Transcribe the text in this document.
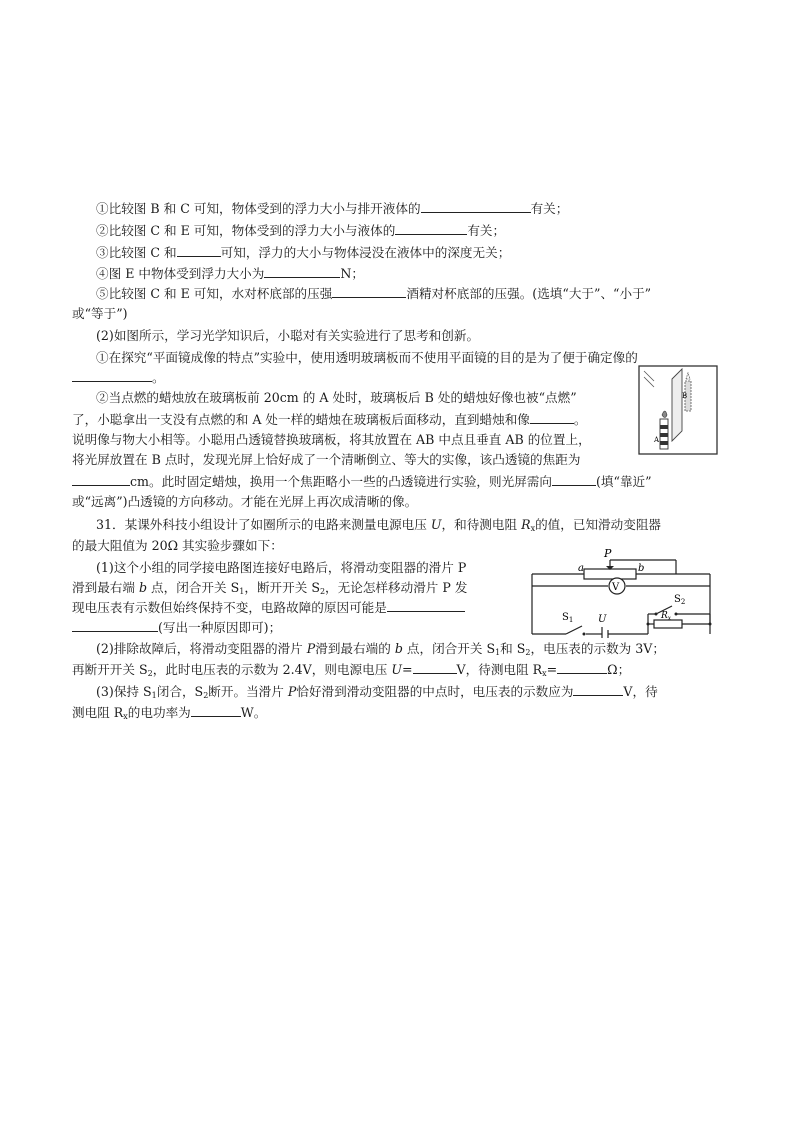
①比较图 B 和 C 可知，物体受到的浮力大小与排开液体的	有关；
②比较图 C 和 E 可知，物体受到的浮力大小与液体的	有关；
③比较图 C 和	可知，浮力的大小与物体浸没在液体中的深度无关；
④图 E 中物体受到浮力大小为	N；
⑤比较图 C 和 E 可知，水对杯底部的压强	酒精对杯底部的压强。(选填“大于”、“小于”
或“等于”)
(2)如图所示，学习光学知识后，小聪对有关实验进行了思考和创新。
①在探究“平面镜成像的特点”实验中，使用透明玻璃板而不使用平面镜的目的是为了便于确定像的
。
②当点燃的蜡烛放在玻璃板前 20cm 的 A 处时，玻璃板后 B 处的蜡烛好像也被“点燃”
了，小聪拿出一支没有点燃的和 A 处一样的蜡烛在玻璃板后面移动，直到蜡烛和像	。
说明像与物大小相等。小聪用凸透镜替换玻璃板，将其放置在 AB 中点且垂直 AB 的位置上，
将光屏放置在 B 点时，发现光屏上恰好成了一个清晰倒立、等大的实像，该凸透镜的焦距为
cm。此时固定蜡烛，换用一个焦距略小一些的凸透镜进行实验，则光屏需向	(填“靠近”
或“远离”)凸透镜的方向移动。才能在光屏上再次成清晰的像。
B
A
31．某课外科技小组设计了如圈所示的电路来测量电源电压 U，和待测电阻 $R_x$的值，已知滑动变阻器
的最大阻值为 20Ω 其实验步骤如下：
(1)这个小组的同学接电路图连接好电路后，将滑动变阻器的滑片 P
滑到最右端 b 点，闭合开关 $S_1$，断开开关 $S_2$，无论怎样移动滑片 P 发
现电压表有示数但始终保持不变，电路故障的原因可能是
(写出一种原因即可)；
(2)排除故障后，将滑动变阻器的滑片 P滑到最右端的 b 点，闭合开关 $S_1$和 $S_2$，电压表的示数为 3V；
再断开开关 $S_2$，此时电压表的示数为 2.4V，则电源电压 U=	V，待测电阻 $R_x=$	Ω；
(3)保持 $S_1$闭合，$S_2$断开。当滑片 P恰好滑到滑动变阻器的中点时，电压表的示数应为	V，待
测电阻 $R_x$的电功率为	W。
P
a	b
V
$S_1$ U
$S_2$
$R_x$
